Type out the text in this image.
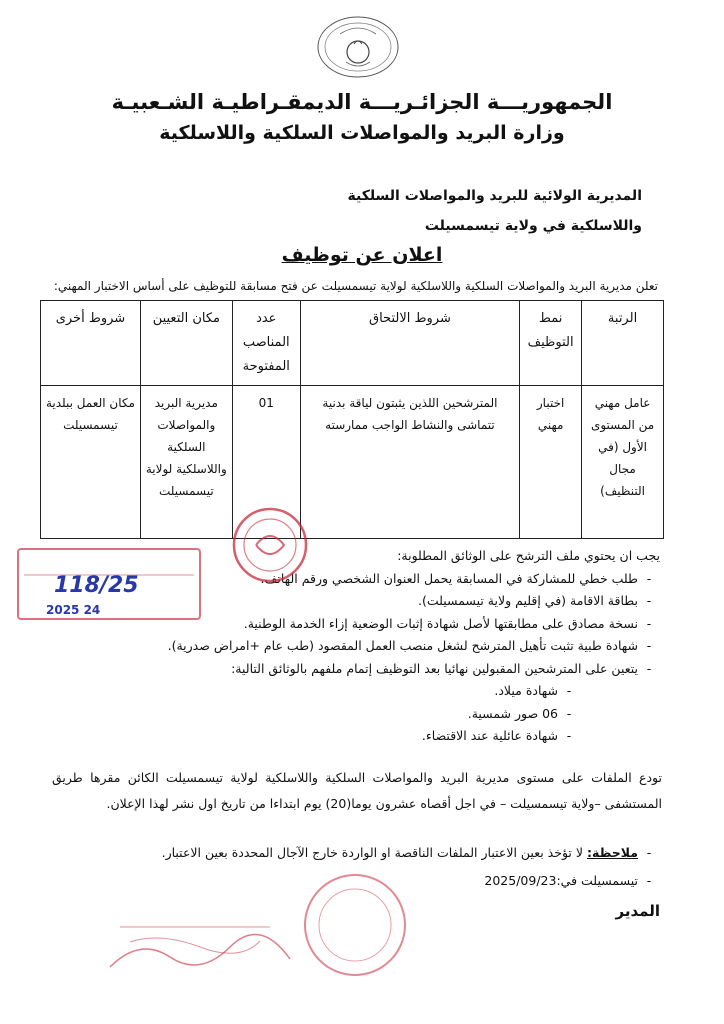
الجمهوريـــة الجزائـريـــة الديمقـراطيـة الشـعبيـة
وزارة البريد والمواصلات السلكية واللاسلكية
المديرية الولائية للبريد والمواصلات السلكية
واللاسلكية في ولاية تيسمسيلت
اعلان عن توظيف
تعلن مديرية البريد والمواصلات السلكية واللاسلكية لولاية تيسمسيلت عن فتح مسابقة للتوظيف على أساس الاختبار المهني:
الرتبة	نمط التوظيف	شروط الالتحاق	عدد المناصب المفتوحة	مكان التعيين	شروط أخرى
عامل مهني من المستوى الأول (في مجال التنظيف)	اختبار مهني	المترشحين اللذين يثبتون لياقة بدنية تتماشى والنشاط الواجب ممارسته	01	مديرية البريد والمواصلات السلكية واللاسلكية لولاية تيسمسيلت	مكان العمل ببلدية تيسمسيلت
يجب ان يحتوي ملف الترشح على الوثائق المطلوبة:
-طلب خطي للمشاركة في المسابقة يحمل العنوان الشخصي ورقم الهاتف.
-بطاقة الاقامة (في إقليم ولاية تيسمسيلت).
-نسخة مصادق على مطابقتها لأصل شهادة إثبات الوضعية إزاء الخدمة الوطنية.
-شهادة طبية تثبت تأهيل المترشح لشغل منصب العمل المقصود (طب عام +امراض صدرية).
-يتعين على المترشحين المقبولين نهائيا بعد التوظيف إتمام ملفهم بالوثائق التالية:
-شهادة ميلاد.
-06 صور شمسية.
-شهادة عائلية عند الاقتضاء.
تودع الملفات على مستوى مديرية البريد والمواصلات السلكية واللاسلكية لولاية تيسمسيلت الكائن مقرها طريق المستشفى –ولاية تيسمسيلت – في اجل أقصاه عشرون يوما(20) يوم ابتداءا من تاريخ اول نشر لهذا الإعلان.
-ملاحظة: لا تؤخذ بعين الاعتبار الملفات الناقصة او الواردة خارج الآجال المحددة بعين الاعتبار.
-تيسمسيلت في:2025/09/23
المدير
118/25
2025 24
